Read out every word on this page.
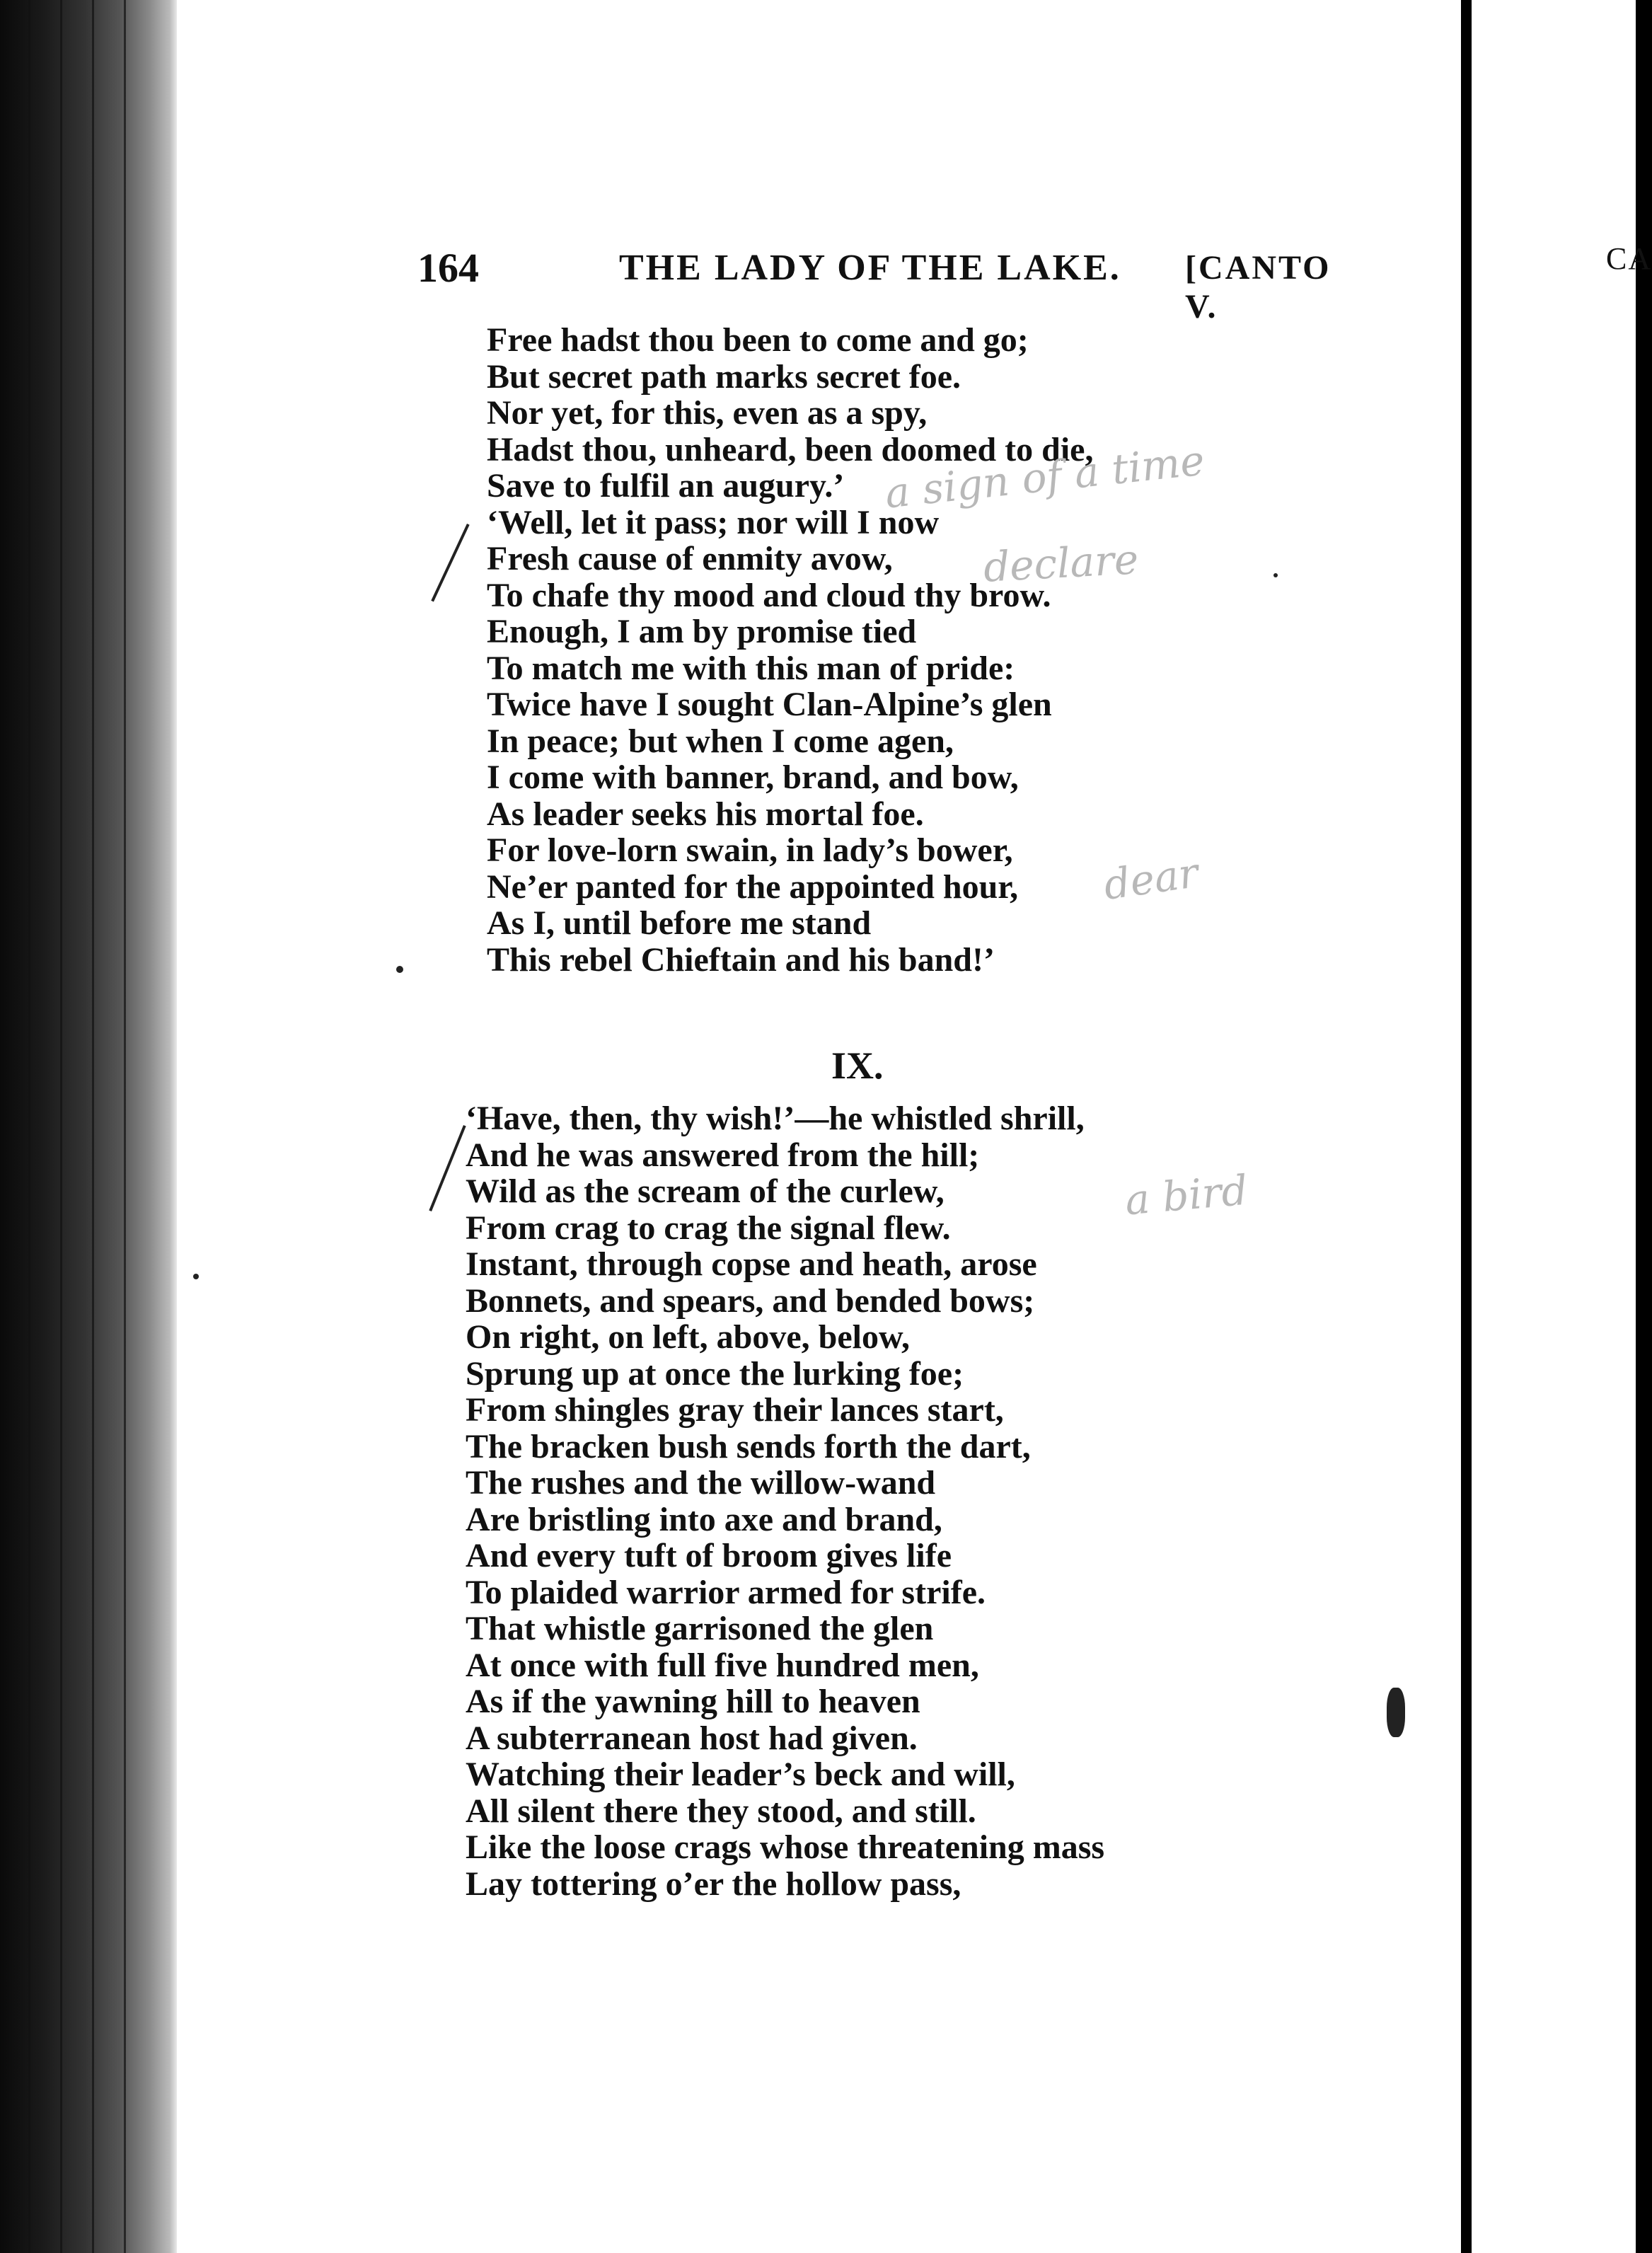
CA
164	THE LADY OF THE LAKE. [CANTO V.
Free hadst thou been to come and go;
But secret path marks secret foe.
Nor yet, for this, even as a spy,
Hadst thou, unheard, been doomed to die,
Save to fulfil an augury.’
‘Well, let it pass; nor will I now
Fresh cause of enmity avow,
To chafe thy mood and cloud thy brow.
Enough, I am by promise tied
To match me with this man of pride:
Twice have I sought Clan-Alpine’s glen
In peace; but when I come agen,
I come with banner, brand, and bow,
As leader seeks his mortal foe.
For love-lorn swain, in lady’s bower,
Ne’er panted for the appointed hour,
As I, until before me stand
This rebel Chieftain and his band!’
IX.
‘Have, then, thy wish!’—he whistled shrill,
And he was answered from the hill;
Wild as the scream of the curlew,
From crag to crag the signal flew.
Instant, through copse and heath, arose
Bonnets, and spears, and bended bows;
On right, on left, above, below,
Sprung up at once the lurking foe;
From shingles gray their lances start,
The bracken bush sends forth the dart,
The rushes and the willow-wand
Are bristling into axe and brand,
And every tuft of broom gives life
To plaided warrior armed for strife.
That whistle garrisoned the glen
At once with full five hundred men,
As if the yawning hill to heaven
A subterranean host had given.
Watching their leader’s beck and will,
All silent there they stood, and still.
Like the loose crags whose threatening mass
Lay tottering o’er the hollow pass,
a sign of a time
declare
dear
a bird
